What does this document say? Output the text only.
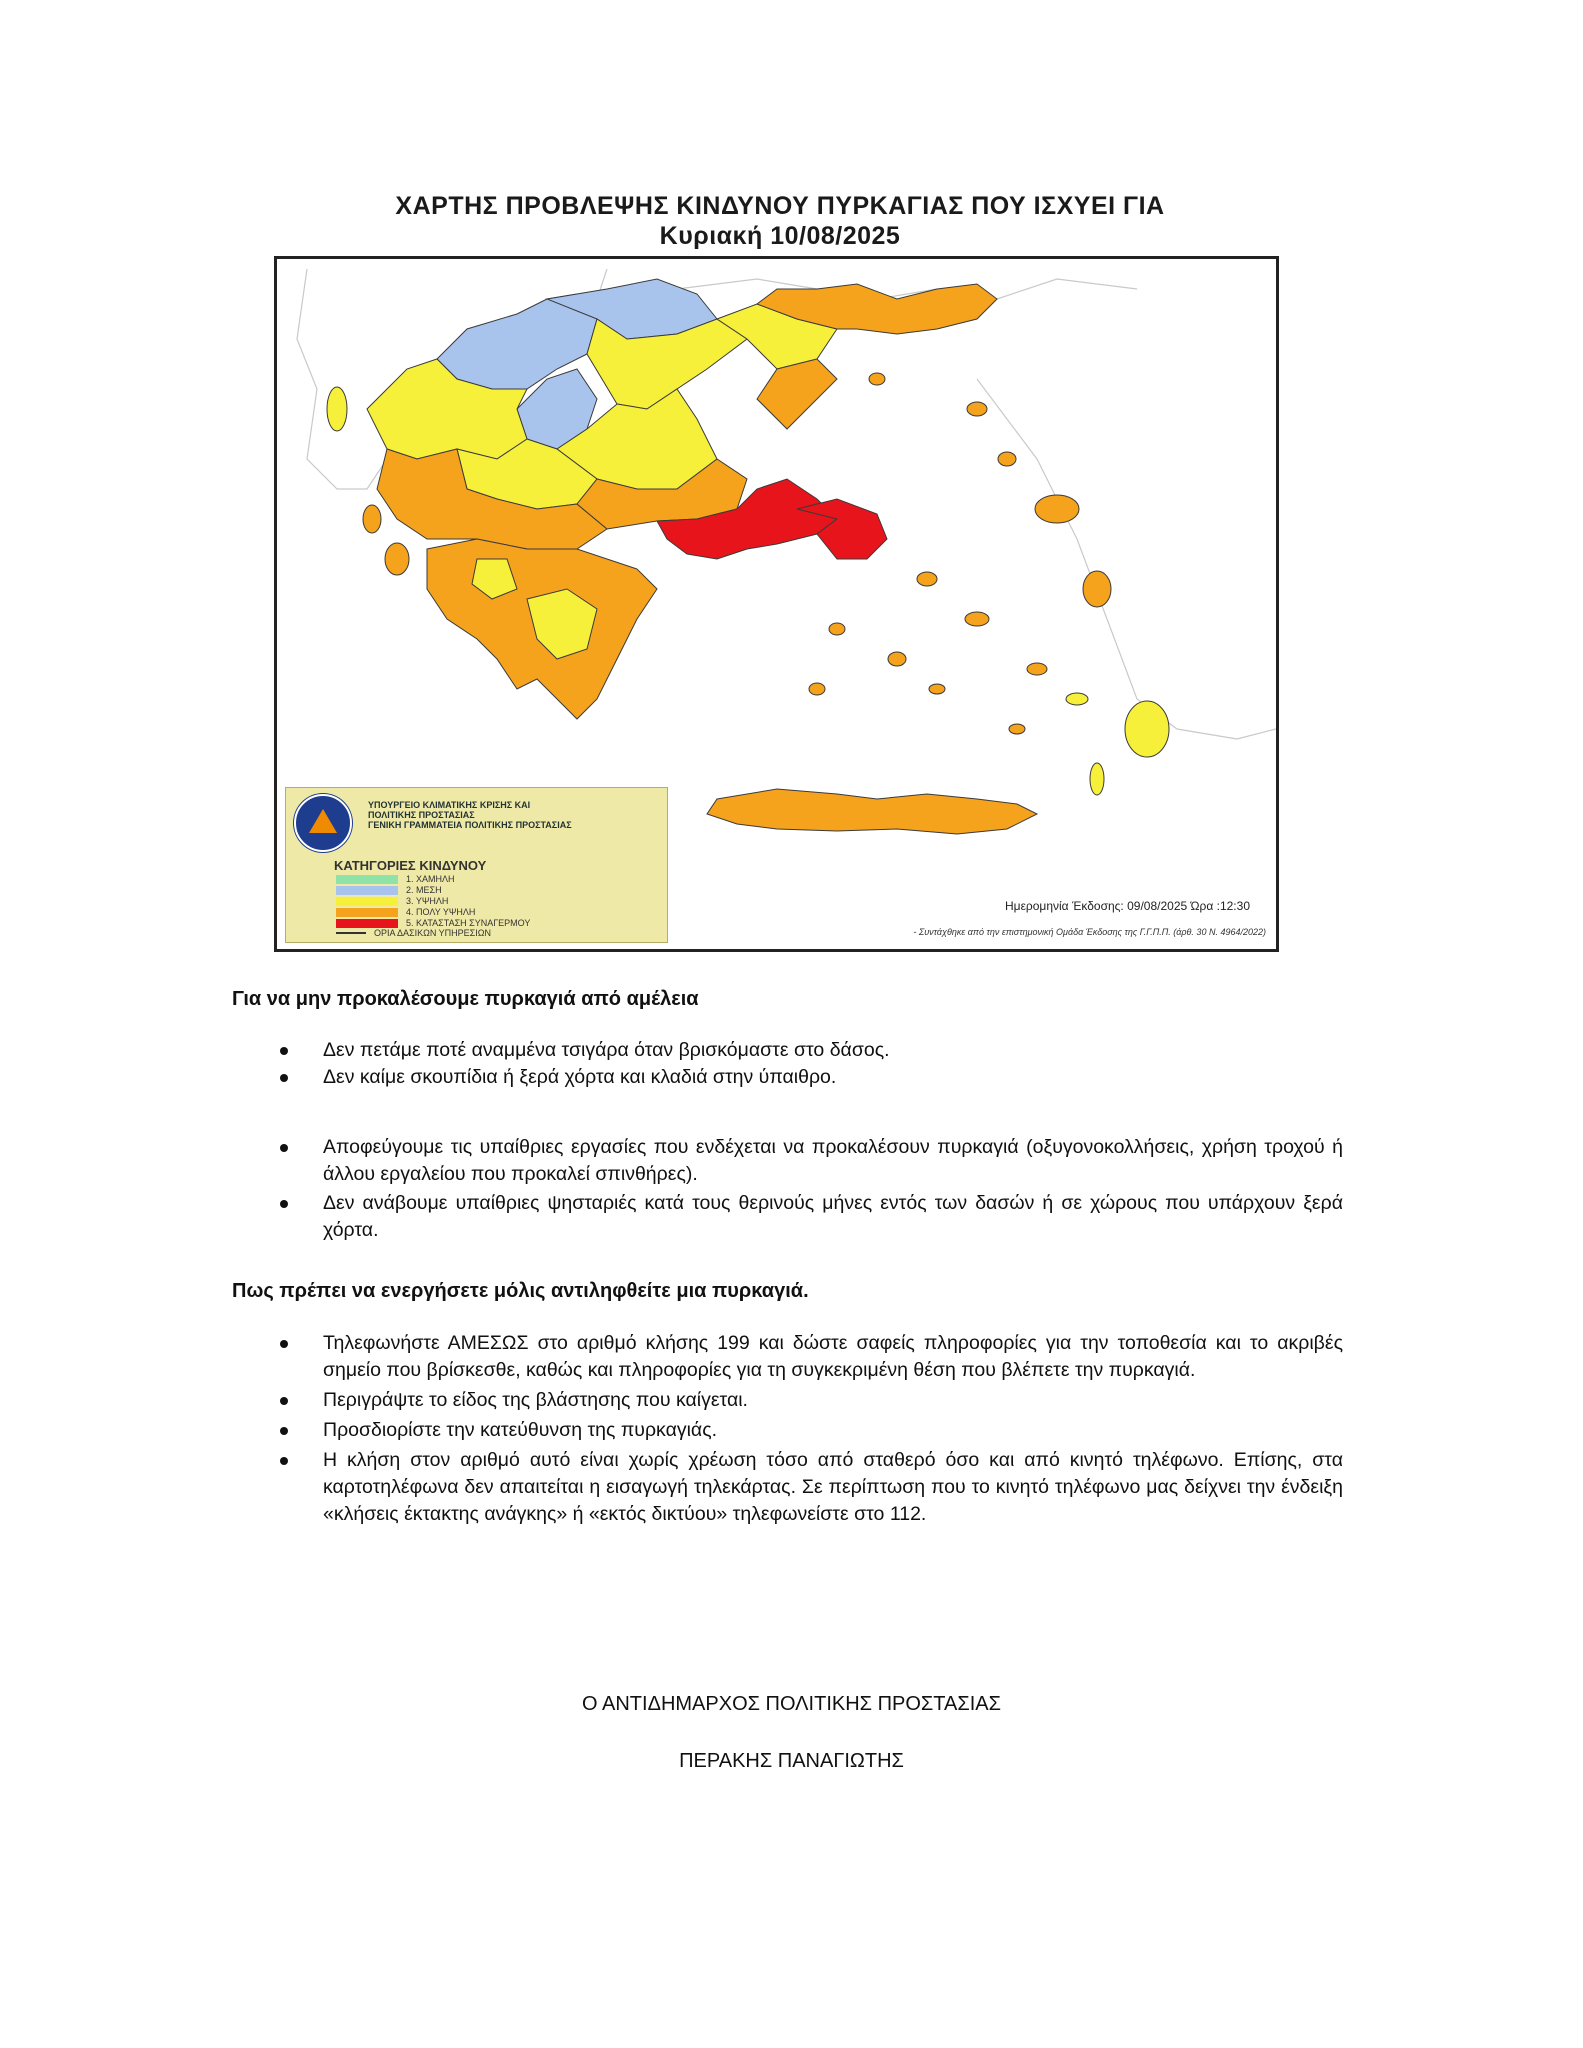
ΧΑΡΤΗΣ ΠΡΟΒΛΕΨΗΣ ΚΙΝΔΥΝΟΥ ΠΥΡΚΑΓΙΑΣ ΠΟΥ ΙΣΧΥΕΙ ΓΙΑ
Κυριακή 10/08/2025
ΥΠΟΥΡΓΕΙΟ ΚΛΙΜΑΤΙΚΗΣ ΚΡΙΣΗΣ ΚΑΙ
ΠΟΛΙΤΙΚΗΣ ΠΡΟΣΤΑΣΙΑΣ
ΓΕΝΙΚΗ ΓΡΑΜΜΑΤΕΙΑ ΠΟΛΙΤΙΚΗΣ ΠΡΟΣΤΑΣΙΑΣ
ΚΑΤΗΓΟΡΙΕΣ ΚΙΝΔΥΝΟΥ
1. ΧΑΜΗΛΗ
2. ΜΕΣΗ
3. ΥΨΗΛΗ
4. ΠΟΛΥ ΥΨΗΛΗ
5. ΚΑΤΑΣΤΑΣΗ ΣΥΝΑΓΕΡΜΟΥ
ΟΡΙΑ ΔΑΣΙΚΩΝ ΥΠΗΡΕΣΙΩΝ
Ημερομηνία Έκδοσης: 09/08/2025 Ώρα :12:30
- Συντάχθηκε από την επιστημονική Ομάδα Έκδοσης της Γ.Γ.Π.Π. (άρθ. 30 Ν. 4964/2022)
Για να μην προκαλέσουμε πυρκαγιά από αμέλεια
Δεν πετάμε ποτέ αναμμένα τσιγάρα όταν βρισκόμαστε στο δάσος.
Δεν καίμε σκουπίδια ή ξερά χόρτα και κλαδιά στην ύπαιθρο.
Αποφεύγουμε τις υπαίθριες εργασίες που ενδέχεται να προκαλέσουν πυρκαγιά (οξυγονοκολλήσεις, χρήση τροχού ή άλλου εργαλείου που προκαλεί σπινθήρες).
Δεν ανάβουμε υπαίθριες ψησταριές κατά τους θερινούς μήνες εντός των δασών ή σε χώρους που υπάρχουν ξερά χόρτα.
Πως πρέπει να ενεργήσετε μόλις αντιληφθείτε μια πυρκαγιά.
Τηλεφωνήστε ΑΜΕΣΩΣ στο αριθμό κλήσης 199 και δώστε σαφείς πληροφορίες για την τοποθεσία και το ακριβές σημείο που βρίσκεσθε, καθώς και πληροφορίες για τη συγκεκριμένη θέση που βλέπετε την πυρκαγιά.
Περιγράψτε το είδος της βλάστησης που καίγεται.
Προσδιορίστε την κατεύθυνση της πυρκαγιάς.
Η κλήση στον αριθμό αυτό είναι χωρίς χρέωση τόσο από σταθερό όσο και από κινητό τηλέφωνο. Επίσης, στα καρτοτηλέφωνα δεν απαιτείται η εισαγωγή τηλεκάρτας. Σε περίπτωση που το κινητό τηλέφωνο μας δείχνει την ένδειξη «κλήσεις έκτακτης ανάγκης» ή «εκτός δικτύου» τηλεφωνείστε στο 112.
Ο ΑΝΤΙΔΗΜΑΡΧΟΣ ΠΟΛΙΤΙΚΗΣ ΠΡΟΣΤΑΣΙΑΣ
ΠΕΡΑΚΗΣ ΠΑΝΑΓΙΩΤΗΣ
